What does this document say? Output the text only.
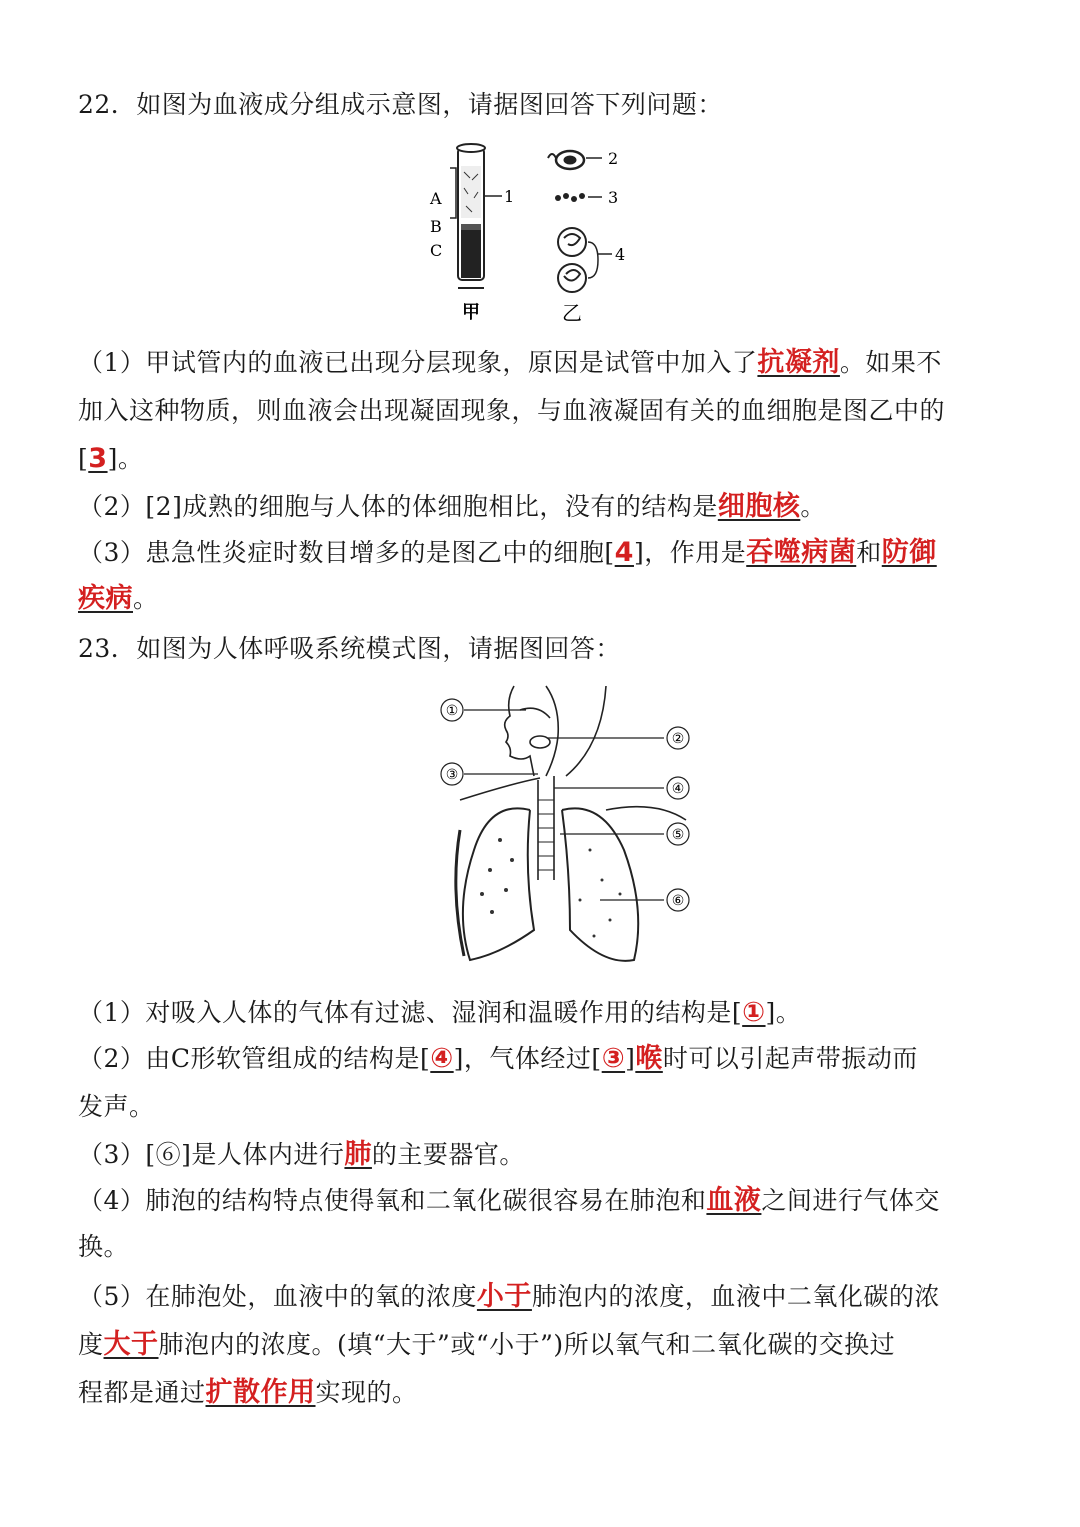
22．如图为血液成分组成示意图，请据图回答下列问题：
A
B
C
1
2
3
4
甲	乙
（1）甲试管内的血液已出现分层现象，原因是试管中加入了抗凝剂。如果不
加入这种物质，则血液会出现凝固现象，与血液凝固有关的血细胞是图乙中的
[3]。
（2）[2]成熟的细胞与人体的体细胞相比，没有的结构是细胞核。
（3）患急性炎症时数目增多的是图乙中的细胞[4]，作用是吞噬病菌和防御
疾病。
23．如图为人体呼吸系统模式图，请据图回答：
①
②
③
④
⑤
⑥
（1）对吸入人体的气体有过滤、湿润和温暖作用的结构是[①]。
（2）由C形软管组成的结构是[④]，气体经过[③]喉时可以引起声带振动而
发声。
（3）[⑥]是人体内进行肺的主要器官。
（4）肺泡的结构特点使得氧和二氧化碳很容易在肺泡和血液之间进行气体交
换。
（5）在肺泡处，血液中的氧的浓度小于肺泡内的浓度，血液中二氧化碳的浓
度大于肺泡内的浓度。(填“大于”或“小于”)所以氧气和二氧化碳的交换过
程都是通过扩散作用实现的。
